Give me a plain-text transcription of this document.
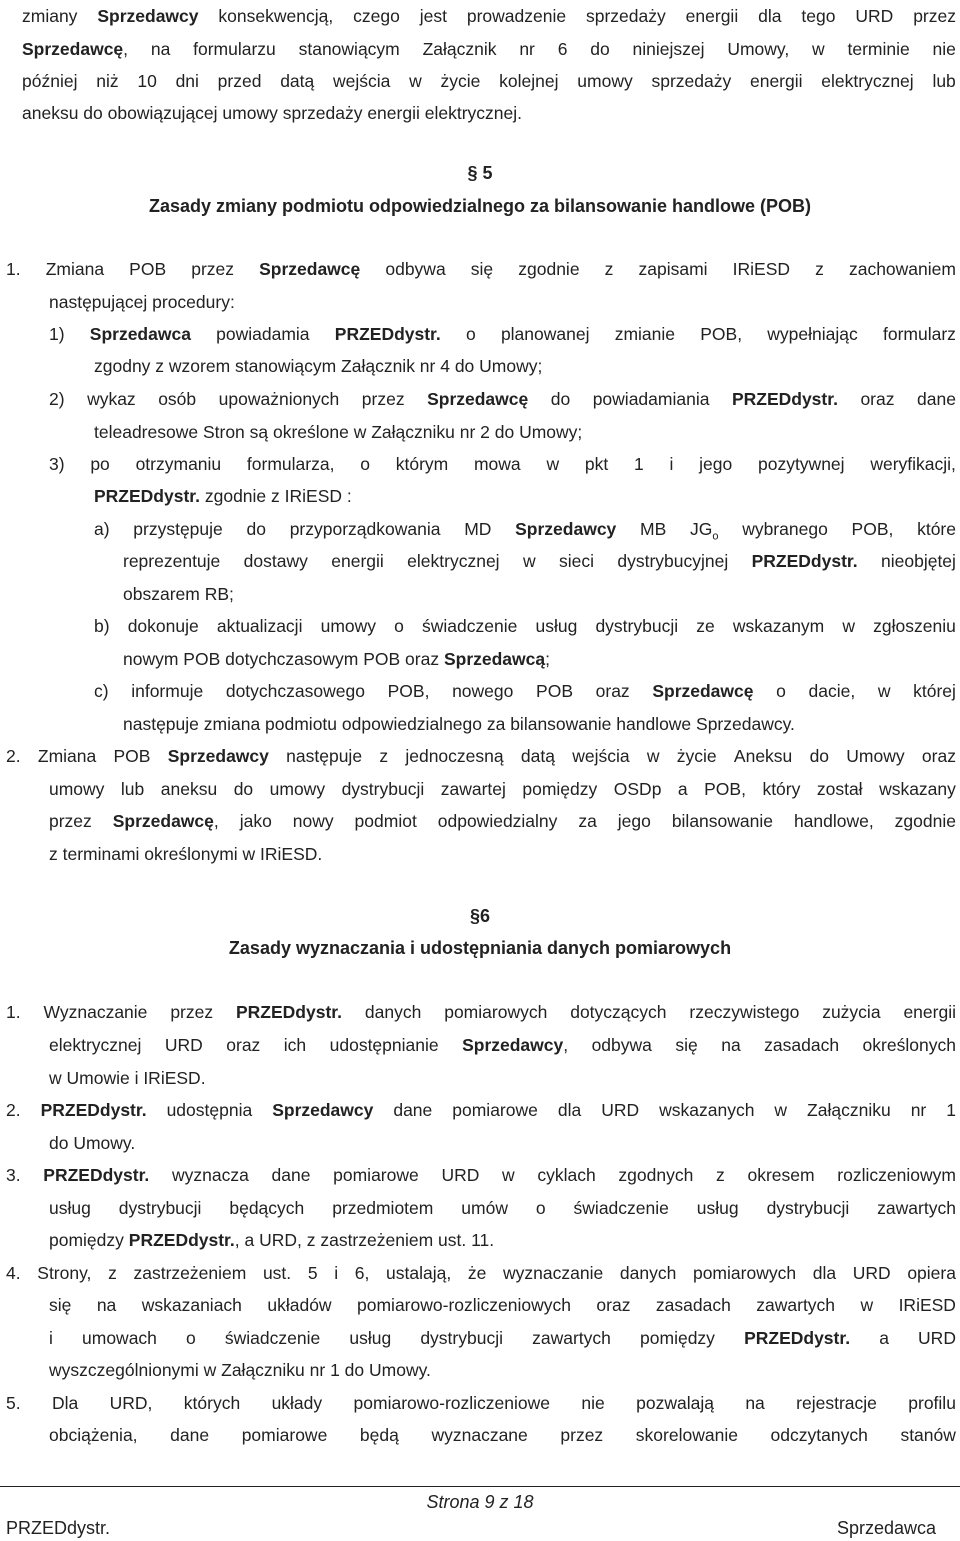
zmiany Sprzedawcy konsekwencją, czego jest prowadzenie sprzedaży energii dla tego URD przez
Sprzedawcę, na formularzu stanowiącym Załącznik nr 6 do niniejszej Umowy, w terminie nie
później niż 10 dni przed datą wejścia w życie kolejnej umowy sprzedaży energii elektrycznej lub
aneksu do obowiązującej umowy sprzedaży energii elektrycznej.
§ 5
Zasady zmiany podmiotu odpowiedzialnego za bilansowanie handlowe (POB)
1. Zmiana POB przez Sprzedawcę odbywa się zgodnie z zapisami IRiESD z zachowaniem
następującej procedury:
1) Sprzedawca powiadamia PRZEDdystr. o planowanej zmianie POB, wypełniając formularz
zgodny z wzorem stanowiącym Załącznik nr 4 do Umowy;
2) wykaz osób upoważnionych przez Sprzedawcę do powiadamiania PRZEDdystr. oraz dane
teleadresowe Stron są określone w Załączniku nr 2 do Umowy;
3) po otrzymaniu formularza, o którym mowa w pkt 1 i jego pozytywnej weryfikacji,
PRZEDdystr. zgodnie z IRiESD :
a) przystępuje do przyporządkowania MD Sprzedawcy MB $JG_o$ wybranego POB, które
reprezentuje dostawy energii elektrycznej w sieci dystrybucyjnej PRZEDdystr. nieobjętej
obszarem RB;
b) dokonuje aktualizacji umowy o świadczenie usług dystrybucji ze wskazanym w zgłoszeniu
nowym POB dotychczasowym POB oraz Sprzedawcą;
c) informuje dotychczasowego POB, nowego POB oraz Sprzedawcę o dacie, w której
następuje zmiana podmiotu odpowiedzialnego za bilansowanie handlowe Sprzedawcy.
2. Zmiana POB Sprzedawcy następuje z jednoczesną datą wejścia w życie Aneksu do Umowy oraz
umowy lub aneksu do umowy dystrybucji zawartej pomiędzy OSDp a POB, który został wskazany
przez Sprzedawcę, jako nowy podmiot odpowiedzialny za jego bilansowanie handlowe, zgodnie
z terminami określonymi w IRiESD.
§6
Zasady wyznaczania i udostępniania danych pomiarowych
1. Wyznaczanie przez PRZEDdystr. danych pomiarowych dotyczących rzeczywistego zużycia energii
elektrycznej URD oraz ich udostępnianie Sprzedawcy, odbywa się na zasadach określonych
w Umowie i IRiESD.
2. PRZEDdystr. udostępnia Sprzedawcy dane pomiarowe dla URD wskazanych w Załączniku nr 1
do Umowy.
3. PRZEDdystr. wyznacza dane pomiarowe URD w cyklach zgodnych z okresem rozliczeniowym
usług dystrybucji będących przedmiotem umów o świadczenie usług dystrybucji zawartych
pomiędzy PRZEDdystr., a URD, z zastrzeżeniem ust. 11.
4. Strony, z zastrzeżeniem ust. 5 i 6, ustalają, że wyznaczanie danych pomiarowych dla URD opiera
się na wskazaniach układów pomiarowo-rozliczeniowych oraz zasadach zawartych w IRiESD
i umowach o świadczenie usług dystrybucji zawartych pomiędzy PRZEDdystr. a URD
wyszczególnionymi w Załączniku nr 1 do Umowy.
5. Dla URD, których układy pomiarowo-rozliczeniowe nie pozwalają na rejestracje profilu
obciążenia, dane pomiarowe będą wyznaczane przez skorelowanie odczytanych stanów
Strona 9 z 18
PRZEDdystr.	Sprzedawca
